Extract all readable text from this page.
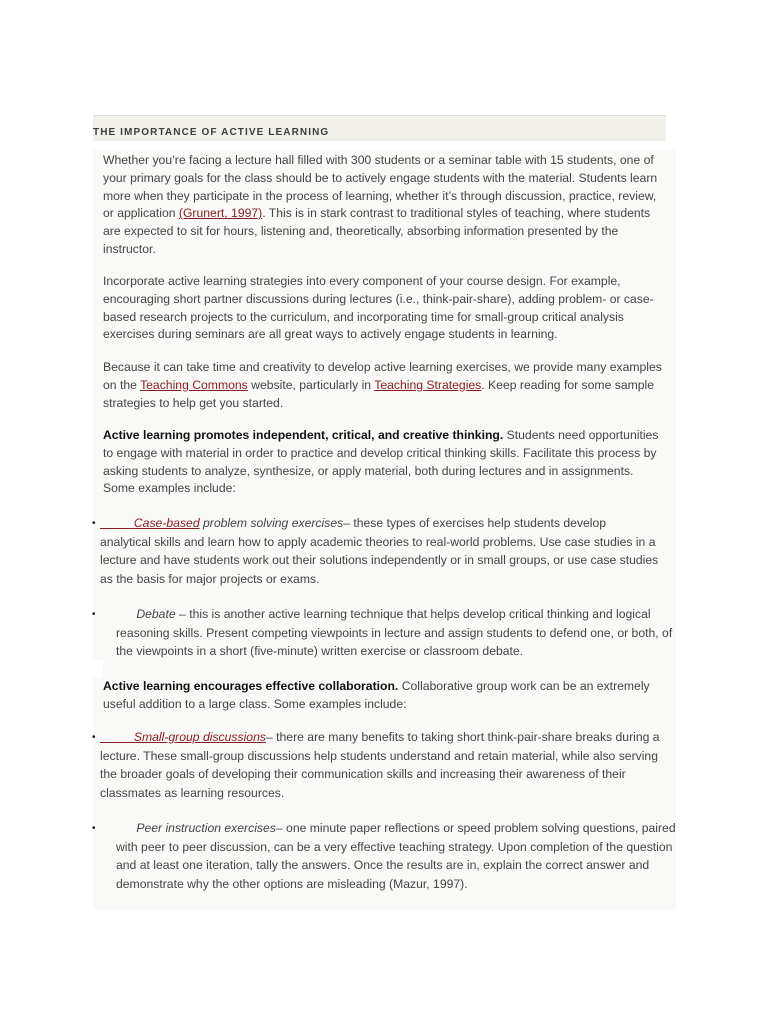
THE IMPORTANCE OF ACTIVE LEARNING

Whether you’re facing a lecture hall filled with 300 students or a seminar table with 15 students, one of your primary goals for the class should be to actively engage students with the material. Students learn more when they participate in the process of learning, whether it’s through discussion, practice, review, or application (Grunert, 1997). This is in stark contrast to traditional styles of teaching, where students are expected to sit for hours, listening and, theoretically, absorbing information presented by the instructor.

Incorporate active learning strategies into every component of your course design. For example, encouraging short partner discussions during lectures (i.e., think-pair-share), adding problem- or case-based research projects to the curriculum, and incorporating time for small-group critical analysis exercises during seminars are all great ways to actively engage students in learning.

Because it can take time and creativity to develop active learning exercises, we provide many examples on the Teaching Commons website, particularly in Teaching Strategies. Keep reading for some sample strategies to help get you started.

Active learning promotes independent, critical, and creative thinking. Students need opportunities to engage with material in order to practice and develop critical thinking skills. Facilitate this process by asking students to analyze, synthesize, or apply material, both during lectures and in assignments. Some examples include:

•	Case-based problem solving exercises– these types of exercises help students develop analytical skills and learn how to apply academic theories to real-world problems. Use case studies in a lecture and have students work out their solutions independently or in small groups, or use case studies as the basis for major projects or exams.

•	Debate – this is another active learning technique that helps develop critical thinking and logical reasoning skills. Present competing viewpoints in lecture and assign students to defend one, or both, of the viewpoints in a short (five-minute) written exercise or classroom debate.

Active learning encourages effective collaboration. Collaborative group work can be an extremely useful addition to a large class. Some examples include:

•	Small-group discussions– there are many benefits to taking short think-pair-share breaks during a lecture. These small-group discussions help students understand and retain material, while also serving the broader goals of developing their communication skills and increasing their awareness of their classmates as learning resources.

•	Peer instruction exercises– one minute paper reflections or speed problem solving questions, paired with peer to peer discussion, can be a very effective teaching strategy. Upon completion of the question and at least one iteration, tally the answers. Once the results are in, explain the correct answer and demonstrate why the other options are misleading (Mazur, 1997).
